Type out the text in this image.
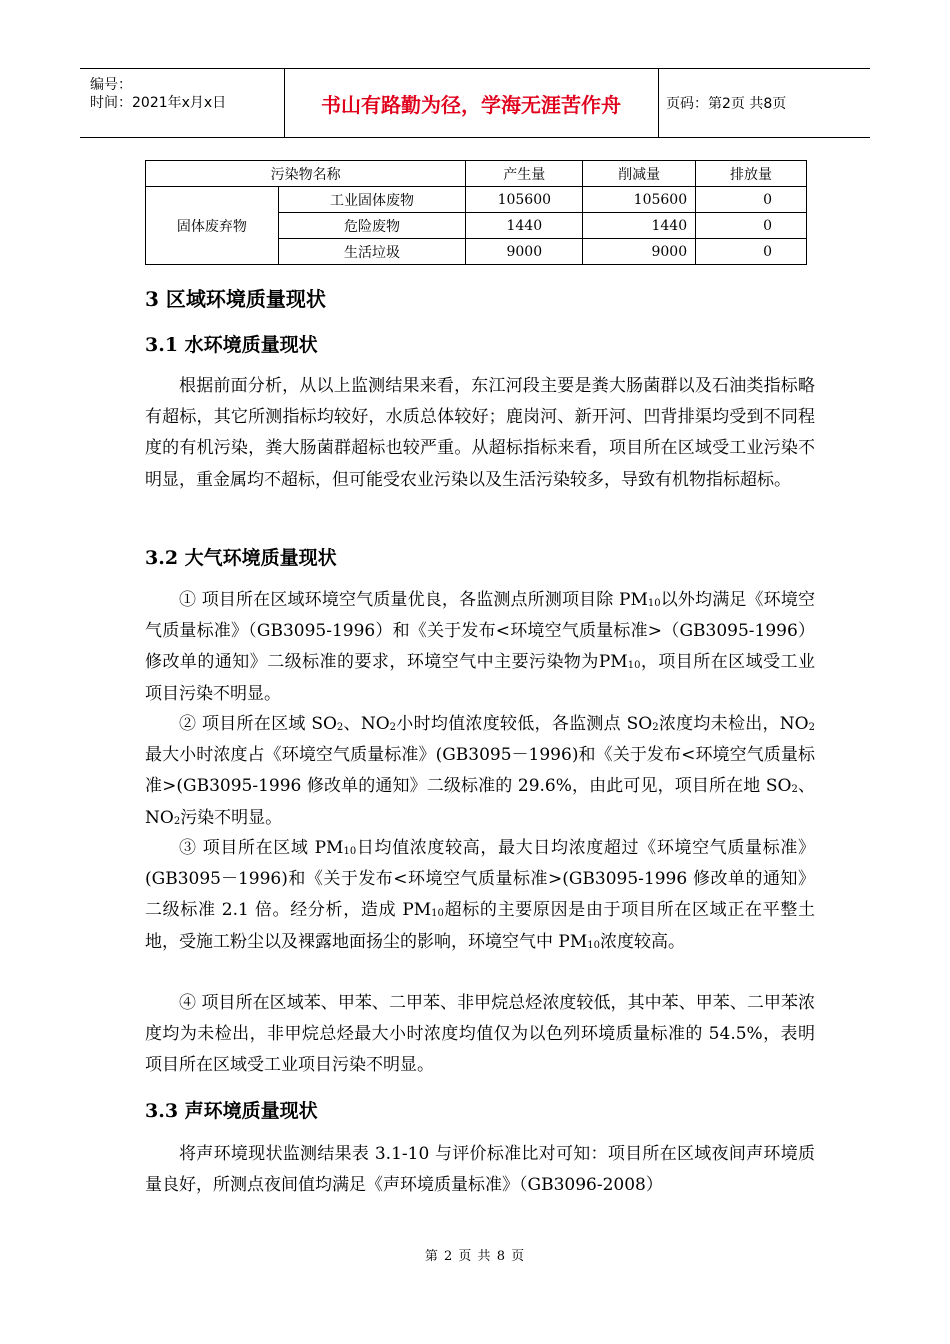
编号：
时间：2021年x月x日	书山有路勤为径，学海无涯苦作舟	页码：第2页 共8页
污染物名称		产生量	削减量	排放量
固体废弃物	工业固体废物	105600	105600	0
	危险废物	1440	1440	0
	生活垃圾	9000	9000	0
3 区域环境质量现状
3.1 水环境质量现状

根据前面分析，从以上监测结果来看，东江河段主要是粪大肠菌群以及石油类指标略有超标，其它所测指标均较好，水质总体较好；鹿岗河、新开河、凹背排渠均受到不同程度的有机污染，粪大肠菌群超标也较严重。从超标指标来看，项目所在区域受工业污染不明显，重金属均不超标，但可能受农业污染以及生活污染较多，导致有机物指标超标。

3.2 大气环境质量现状

① 项目所在区域环境空气质量优良，各监测点所测项目除 $PM_{10}$以外均满足《环境空气质量标准》（GB3095-1996）和《关于发布<环境空气质量标准>（GB3095-1996）修改单的通知》二级标准的要求，环境空气中主要污染物为$PM_{10}$，项目所在区域受工业项目污染不明显。

② 项目所在区域 $SO_2$、$NO_2$小时均值浓度较低，各监测点 $SO_2$浓度均未检出，$NO_2$最大小时浓度占《环境空气质量标准》(GB3095－1996)和《关于发布<环境空气质量标准>(GB3095-1996 修改单的通知》二级标准的 29.6%，由此可见，项目所在地 $SO_2$、$NO_2$污染不明显。

③ 项目所在区域 $PM_{10}$日均值浓度较高，最大日均浓度超过《环境空气质量标准》(GB3095－1996)和《关于发布<环境空气质量标准>(GB3095-1996 修改单的通知》二级标准 2.1 倍。经分析，造成 $PM_{10}$超标的主要原因是由于项目所在区域正在平整土地，受施工粉尘以及裸露地面扬尘的影响，环境空气中 $PM_{10}$浓度较高。

④ 项目所在区域苯、甲苯、二甲苯、非甲烷总烃浓度较低，其中苯、甲苯、二甲苯浓度均为未检出，非甲烷总烃最大小时浓度均值仅为以色列环境质量标准的 54.5%，表明项目所在区域受工业项目污染不明显。

3.3 声环境质量现状

将声环境现状监测结果表 3.1-10 与评价标准比对可知：项目所在区域夜间声环境质量良好，所测点夜间值均满足《声环境质量标准》（GB3096-2008）

第 2 页 共 8 页
